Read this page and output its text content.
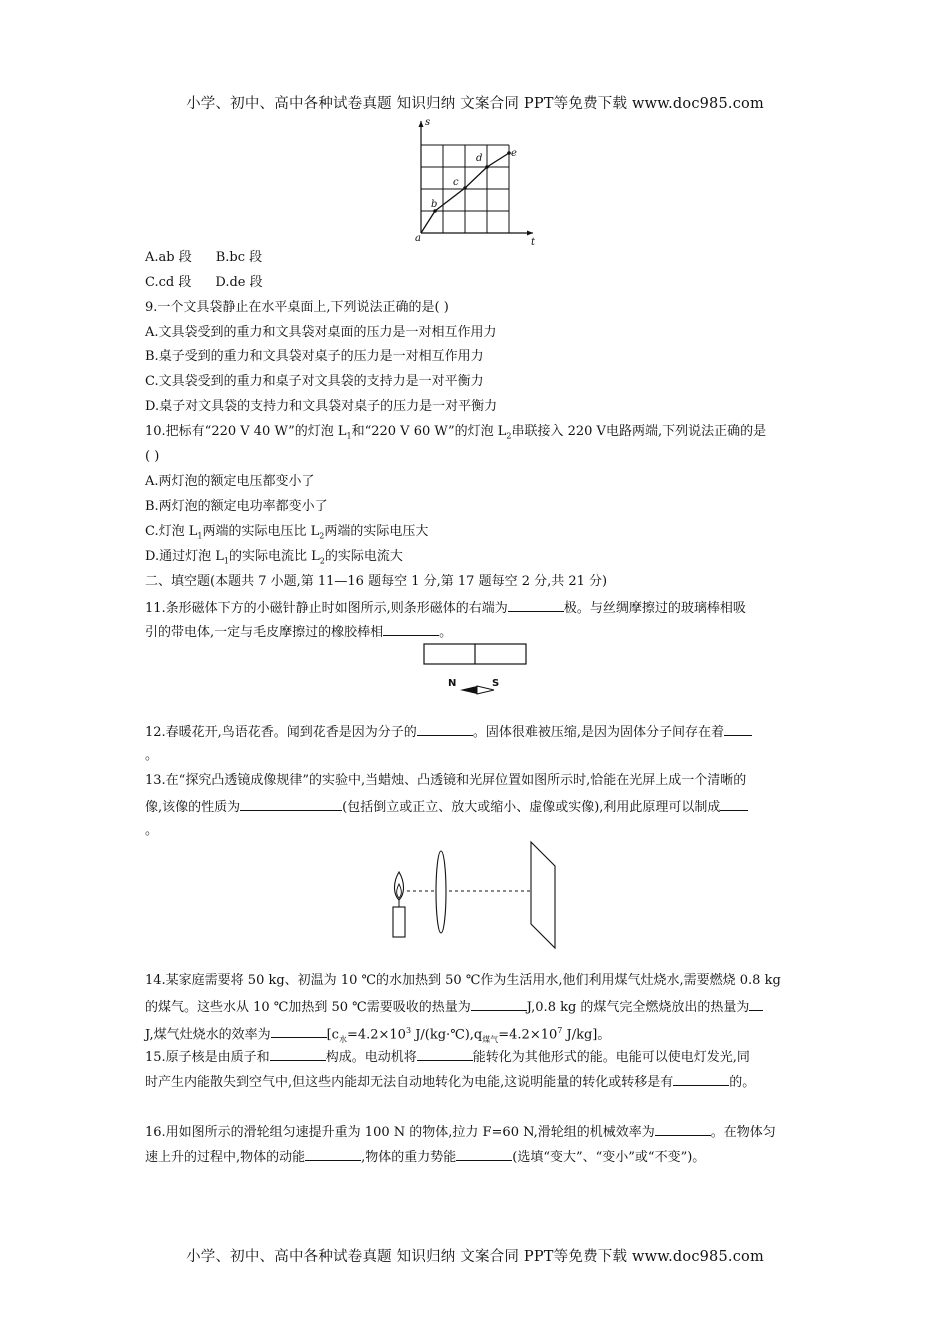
小学、初中、高中各种试卷真题 知识归纳 文案合同 PPT等免费下载 www.doc985.com
s
t
a
b
c
d	e
A.ab 段 B.bc 段
C.cd 段 D.de 段
9.一个文具袋静止在水平桌面上,下列说法正确的是( )
A.文具袋受到的重力和文具袋对桌面的压力是一对相互作用力
B.桌子受到的重力和文具袋对桌子的压力是一对相互作用力
C.文具袋受到的重力和桌子对文具袋的支持力是一对平衡力
D.桌子对文具袋的支持力和文具袋对桌子的压力是一对平衡力
10.把标有“220 V 40 W”的灯泡 $L_1$和“220 V 60 W”的灯泡 $L_2$串联接入 220 V电路两端,下列说法正确的是
( )
A.两灯泡的额定电压都变小了
B.两灯泡的额定电功率都变小了
C.灯泡 $L_1$两端的实际电压比 $L_2$两端的实际电压大
D.通过灯泡 $L_1$的实际电流比 $L_2$的实际电流大
二、填空题(本题共 7 小题,第 11—16 题每空 1 分,第 17 题每空 2 分,共 21 分)
11.条形磁体下方的小磁针静止时如图所示,则条形磁体的右端为	极。与丝绸摩擦过的玻璃棒相吸
引的带电体,一定与毛皮摩擦过的橡胶棒相	。
N	S
12.春暖花开,鸟语花香。闻到花香是因为分子的	。固体很难被压缩,是因为固体分子间存在着
。
13.在“探究凸透镜成像规律”的实验中,当蜡烛、凸透镜和光屏位置如图所示时,恰能在光屏上成一个清晰的
像,该像的性质为	(包括倒立或正立、放大或缩小、虚像或实像),利用此原理可以制成
。
14.某家庭需要将 50 kg、初温为 10 ℃的水加热到 50 ℃作为生活用水,他们利用煤气灶烧水,需要燃烧 0.8 kg
的煤气。这些水从 10 ℃加热到 50 ℃需要吸收的热量为	J,0.8 kg 的煤气完全燃烧放出的热量为
J,煤气灶烧水的效率为	[$c_水=4.2\times 10^3$ $J/(kg\cdot℃),q_{煤气}=4.2\times 10^7$ J/kg]。
15.原子核是由质子和	构成。电动机将	能转化为其他形式的能。电能可以使电灯发光,同
时产生内能散失到空气中,但这些内能却无法自动地转化为电能,这说明能量的转化或转移是有	的。
16.用如图所示的滑轮组匀速提升重为 100 N 的物体,拉力 F=60 N,滑轮组的机械效率为	。在物体匀
速上升的过程中,物体的动能	,物体的重力势能	(选填“变大”、“变小”或“不变”)。
小学、初中、高中各种试卷真题 知识归纳 文案合同 PPT等免费下载 www.doc985.com
